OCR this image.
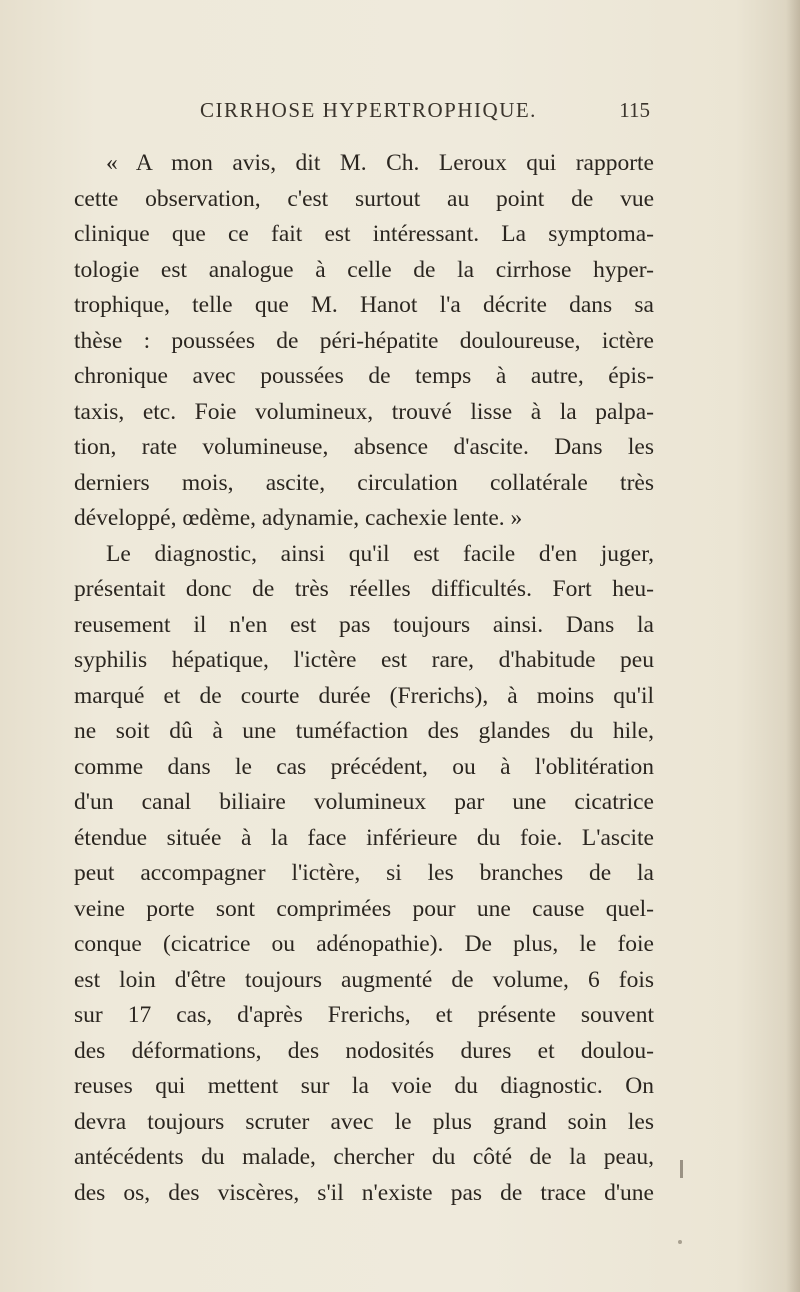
CIRRHOSE HYPERTROPHIQUE.	115
« A mon avis, dit M. Ch. Leroux qui rapporte
cette observation, c'est surtout au point de vue
clinique que ce fait est intéressant. La symptoma-
tologie est analogue à celle de la cirrhose hyper-
trophique, telle que M. Hanot l'a décrite dans sa
thèse : poussées de péri-hépatite douloureuse, ictère
chronique avec poussées de temps à autre, épis-
taxis, etc. Foie volumineux, trouvé lisse à la palpa-
tion, rate volumineuse, absence d'ascite. Dans les
derniers mois, ascite, circulation collatérale très
développé, œdème, adynamie, cachexie lente. »
Le diagnostic, ainsi qu'il est facile d'en juger,
présentait donc de très réelles difficultés. Fort heu-
reusement il n'en est pas toujours ainsi. Dans la
syphilis hépatique, l'ictère est rare, d'habitude peu
marqué et de courte durée (Frerichs), à moins qu'il
ne soit dû à une tuméfaction des glandes du hile,
comme dans le cas précédent, ou à l'oblitération
d'un canal biliaire volumineux par une cicatrice
étendue située à la face inférieure du foie. L'ascite
peut accompagner l'ictère, si les branches de la
veine porte sont comprimées pour une cause quel-
conque (cicatrice ou adénopathie). De plus, le foie
est loin d'être toujours augmenté de volume, 6 fois
sur 17 cas, d'après Frerichs, et présente souvent
des déformations, des nodosités dures et doulou-
reuses qui mettent sur la voie du diagnostic. On
devra toujours scruter avec le plus grand soin les
antécédents du malade, chercher du côté de la peau,
des os, des viscères, s'il n'existe pas de trace d'une
